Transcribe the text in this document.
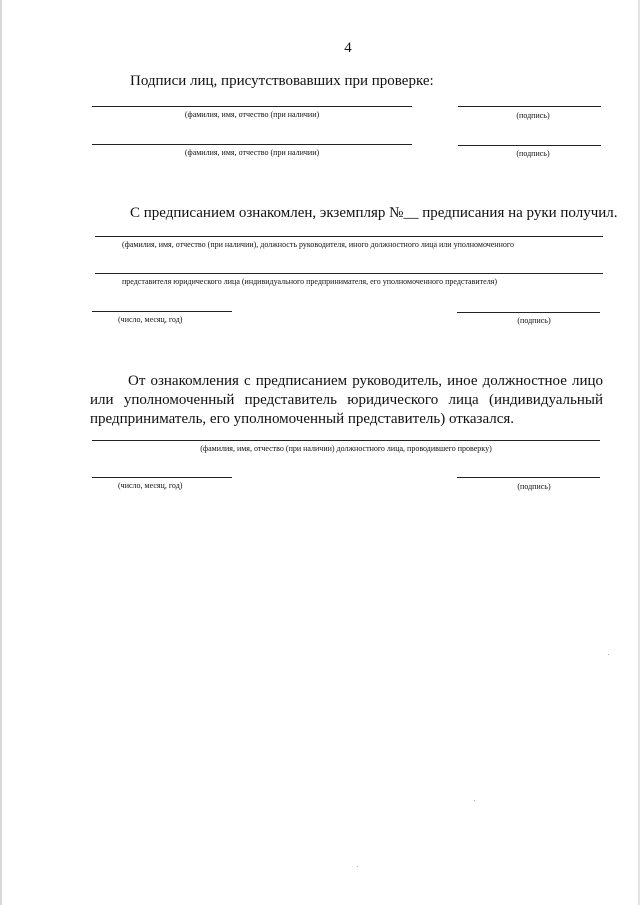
4
Подписи лиц, присутствовавших при проверке:
(фамилия, имя, отчество (при наличии)	(подпись)
(фамилия, имя, отчество (при наличии)	(подпись)
С предписанием ознакомлен, экземпляр №__ предписания на руки получил.
(фамилия, имя, отчество (при наличии), должность руководителя, иного должностного лица или уполномоченного
представителя юридического лица (индивидуального предпринимателя, его уполномоченного представителя)
(число, месяц, год)	(подпись)
От ознакомления с предписанием руководитель, иное должностное лицо
или уполномоченный представитель юридического лица (индивидуальный
предприниматель, его уполномоченный представитель) отказался.
(фамилия, имя, отчество (при наличии) должностного лица, проводившего проверку)
(число, месяц, год)	(подпись)
